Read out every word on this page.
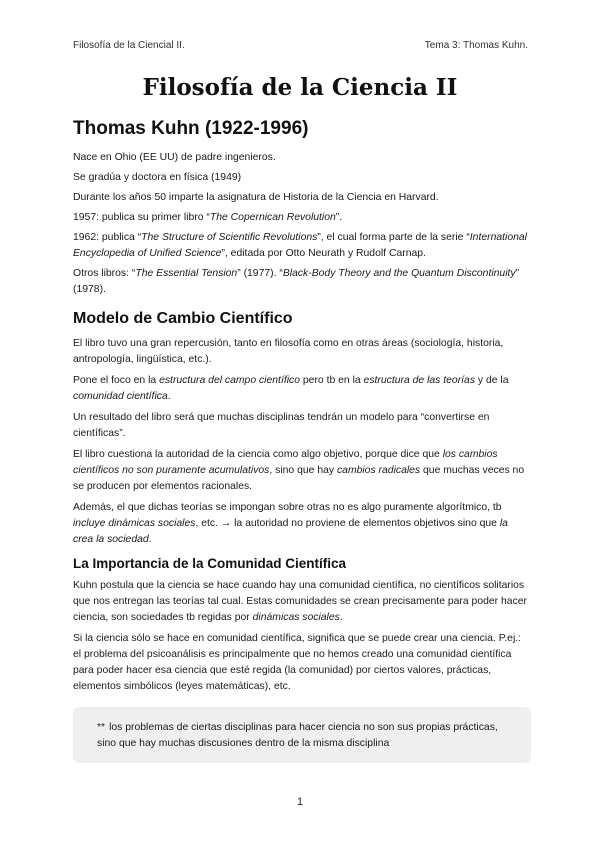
Filosofía de la Ciencial II.	Tema 3: Thomas Kuhn.
Filosofía de la Ciencia II
Thomas Kuhn (1922-1996)

Nace en Ohio (EE UU) de padre ingenieros.

Se gradúa y doctora en física (1949)

Durante los años 50 imparte la asignatura de Historia de la Ciencia en Harvard.

1957: publica su primer libro “The Copernican Revolution”.

1962: publica “The Structure of Scientific Revolutions”, el cual forma parte de la serie “International Encyclopedia of Unified Science”, editada por Otto Neurath y Rudolf Carnap.

Otros libros: “The Essential Tension” (1977). “Black-Body Theory and the Quantum Discontinuity” (1978).

Modelo de Cambio Científico

El libro tuvo una gran repercusión, tanto en filosofía como en otras áreas (sociología, historia, antropología, lingüística, etc.).

Pone el foco en la estructura del campo científico pero tb en la estructura de las teorías y de la comunidad científica.

Un resultado del libro será que muchas disciplinas tendrán un modelo para “convertirse en científicas”.

El libro cuestiona la autoridad de la ciencia como algo objetivo, porque dice que los cambios científicos no son puramente acumulativos, sino que hay cambios radicales que muchas veces no se producen por elementos racionales.

Además, el que dichas teorías se impongan sobre otras no es algo puramente algorítmico, tb incluye dinámicas sociales, etc. → la autoridad no proviene de elementos objetivos sino que la crea la sociedad.

La Importancia de la Comunidad Científica

Kuhn postula que la ciencia se hace cuando hay una comunidad científica, no científicos solitarios que nos entregan las teorías tal cual. Estas comunidades se crean precisamente para poder hacer ciencia, son sociedades tb regidas por dinámicas sociales.

Si la ciencia sólo se hace en comunidad científica, significa que se puede crear una ciencia. P.ej.: el problema del psicoanálisis es principalmente que no hemos creado una comunidad científica para poder hacer esa ciencia que esté regida (la comunidad) por ciertos valores, prácticas, elementos simbólicos (leyes matemáticas), etc.

** los problemas de ciertas disciplinas para hacer ciencia no son sus propias prácticas, sino que hay muchas discusiones dentro de la misma disciplina
1
